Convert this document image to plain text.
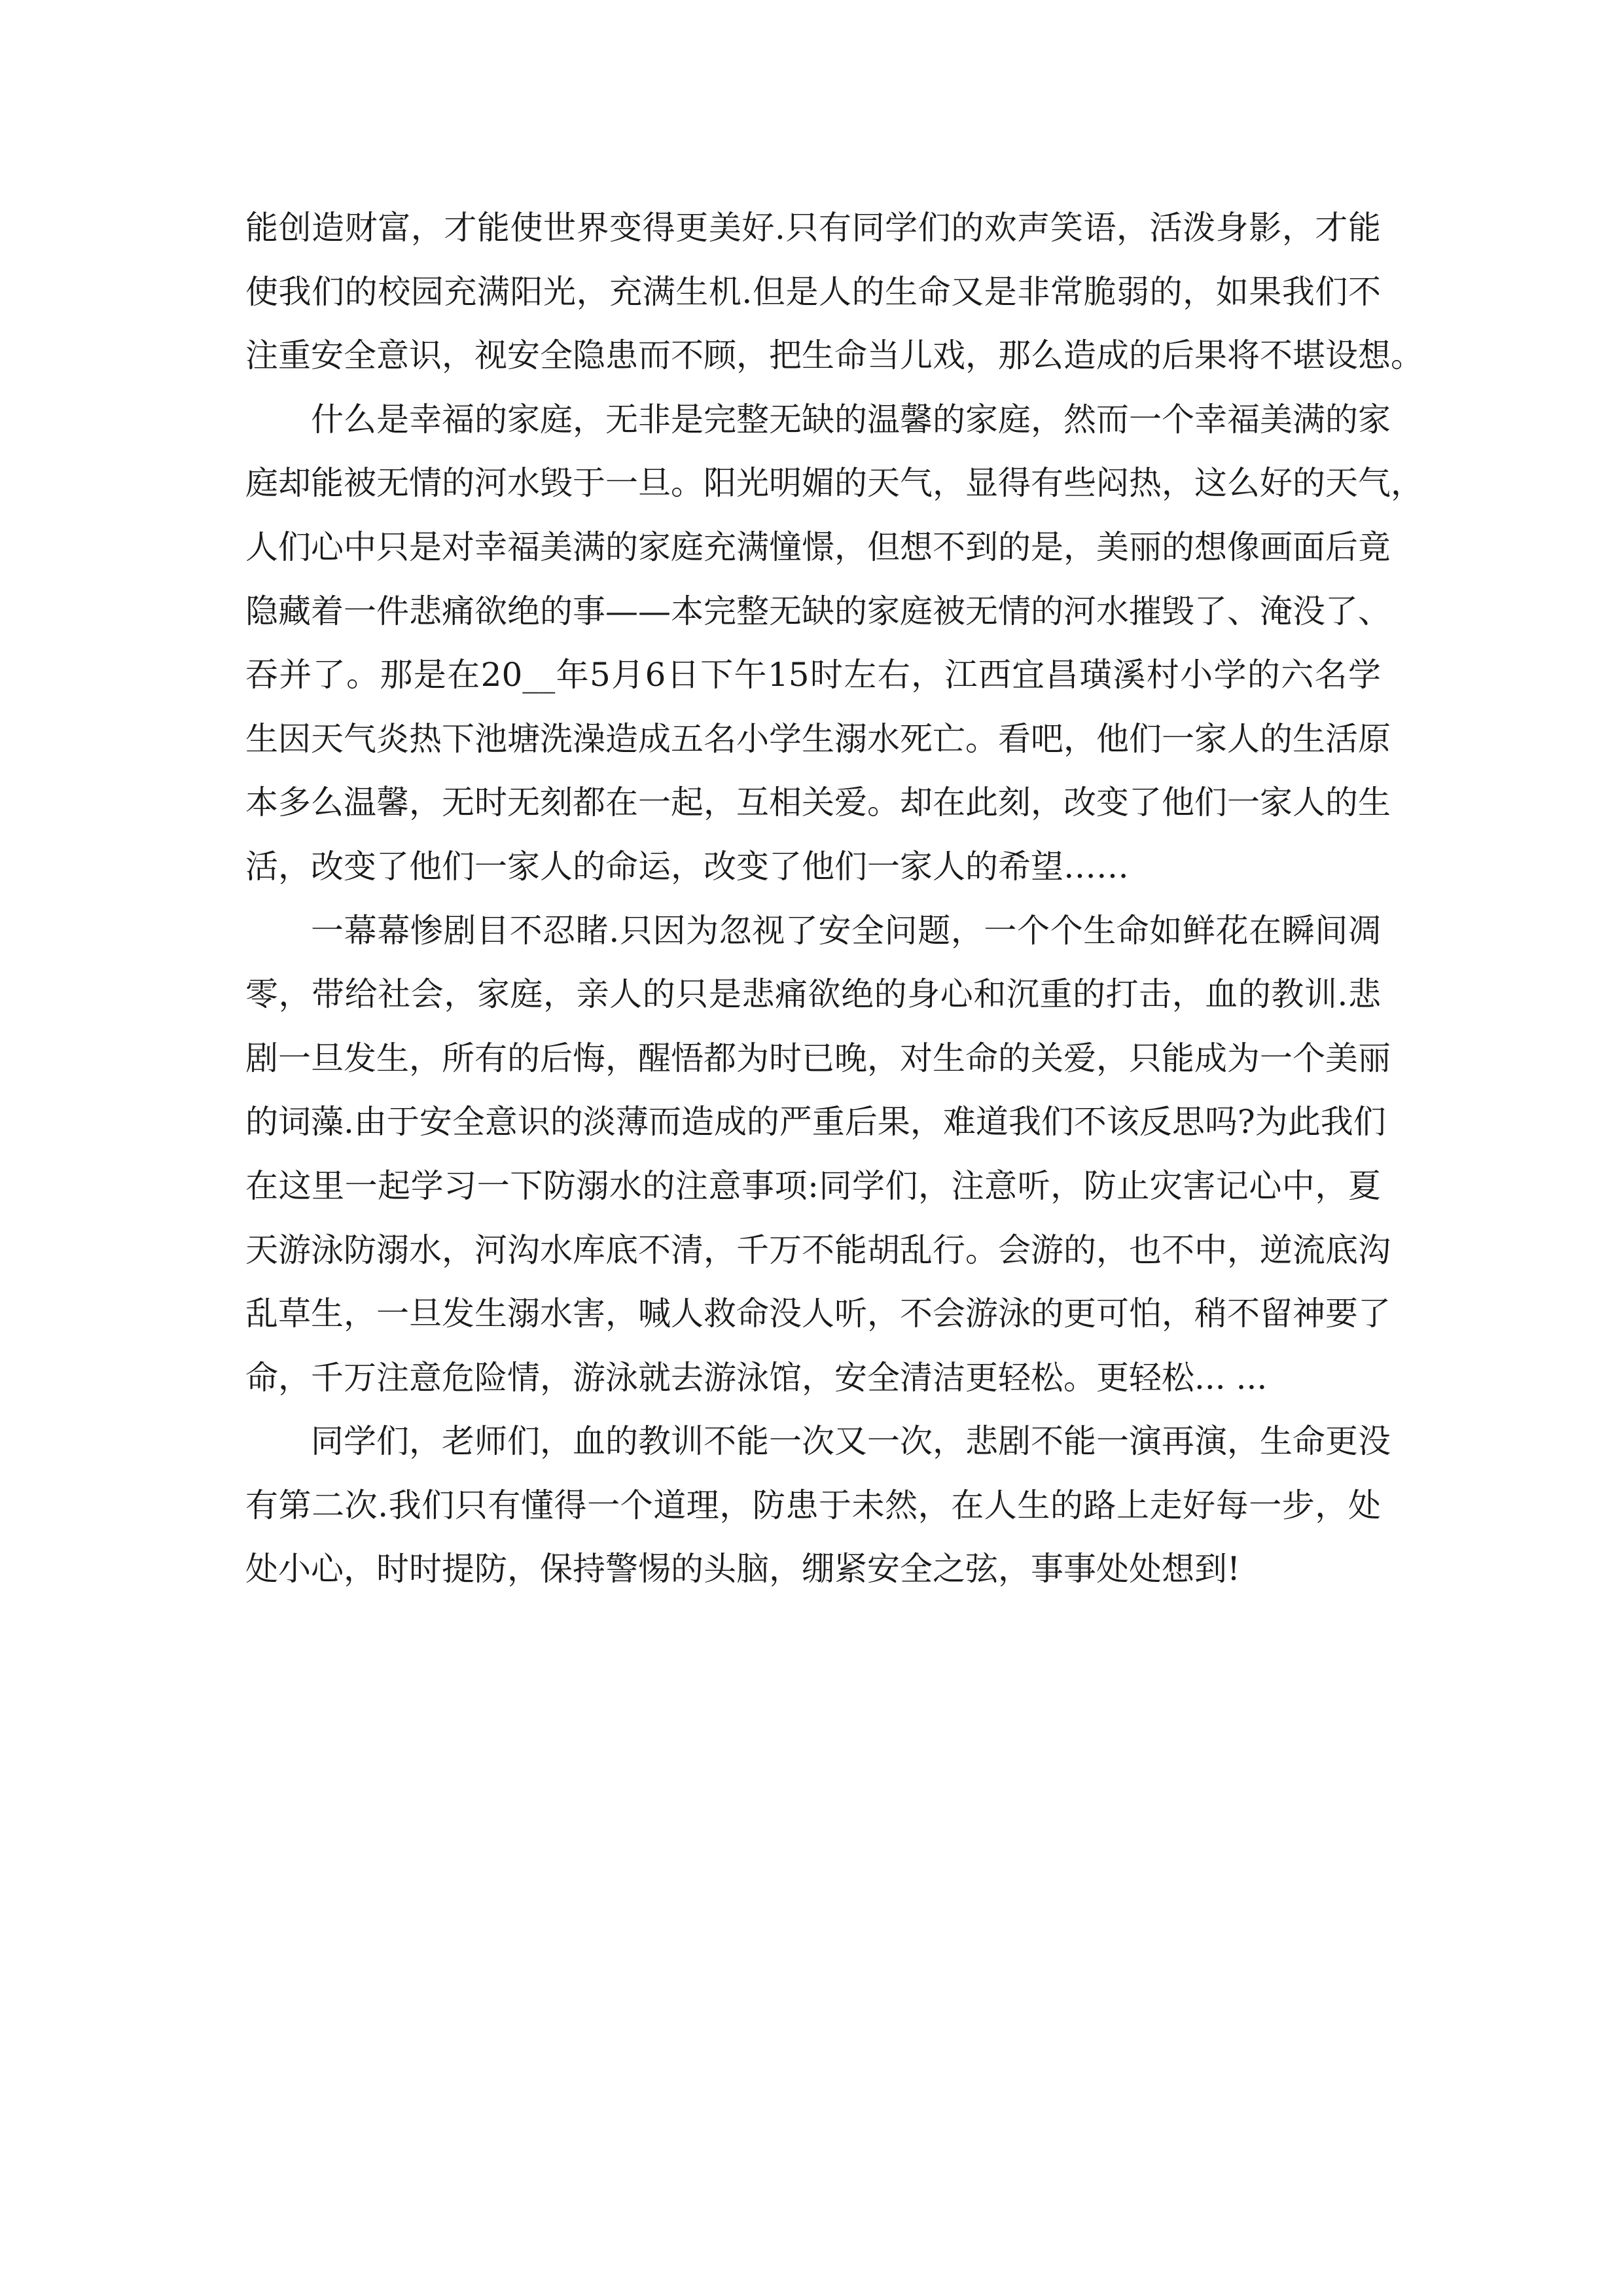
能创造财富，才能使世界变得更美好.只有同学们的欢声笑语，活泼身影，才能
使我们的校园充满阳光，充满生机.但是人的生命又是非常脆弱的，如果我们不
注重安全意识，视安全隐患而不顾，把生命当儿戏，那么造成的后果将不堪设想。
什么是幸福的家庭，无非是完整无缺的温馨的家庭，然而一个幸福美满的家
庭却能被无情的河水毁于一旦。阳光明媚的天气，显得有些闷热，这么好的天气，
人们心中只是对幸福美满的家庭充满憧憬，但想不到的是，美丽的想像画面后竟
隐藏着一件悲痛欲绝的事——本完整无缺的家庭被无情的河水摧毁了、淹没了、
吞并了。那是在20__年5月6日下午15时左右，江西宜昌璜溪村小学的六名学
生因天气炎热下池塘洗澡造成五名小学生溺水死亡。看吧，他们一家人的生活原
本多么温馨，无时无刻都在一起，互相关爱。却在此刻，改变了他们一家人的生
活，改变了他们一家人的命运，改变了他们一家人的希望……
一幕幕惨剧目不忍睹.只因为忽视了安全问题，一个个生命如鲜花在瞬间凋
零，带给社会，家庭，亲人的只是悲痛欲绝的身心和沉重的打击，血的教训.悲
剧一旦发生，所有的后悔，醒悟都为时已晚，对生命的关爱，只能成为一个美丽
的词藻.由于安全意识的淡薄而造成的严重后果，难道我们不该反思吗?为此我们
在这里一起学习一下防溺水的注意事项:同学们，注意听，防止灾害记心中，夏
天游泳防溺水，河沟水库底不清，千万不能胡乱行。会游的，也不中，逆流底沟
乱草生，一旦发生溺水害，喊人救命没人听，不会游泳的更可怕，稍不留神要了
命，千万注意危险情，游泳就去游泳馆，安全清洁更轻松。更轻松... ...
同学们，老师们，血的教训不能一次又一次，悲剧不能一演再演，生命更没
有第二次.我们只有懂得一个道理，防患于未然，在人生的路上走好每一步，处
处小心，时时提防，保持警惕的头脑，绷紧安全之弦，事事处处想到!
